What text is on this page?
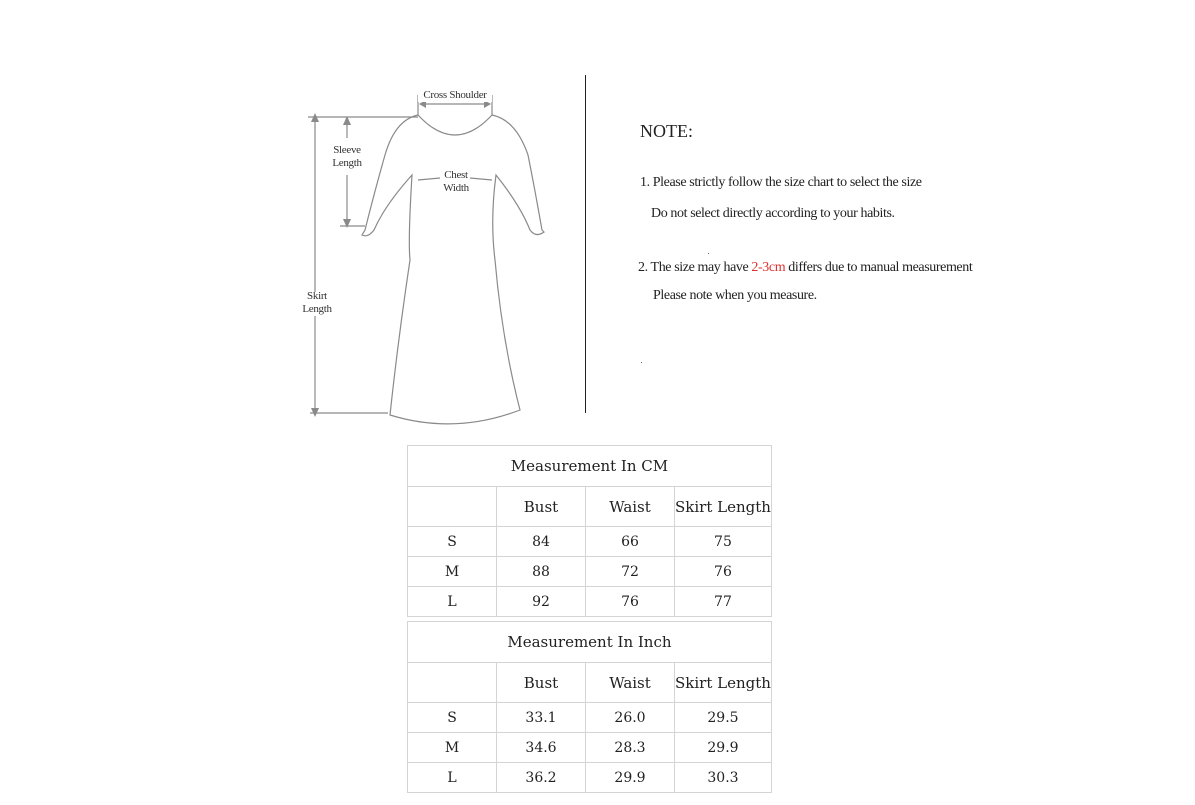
Cross Shoulder
Sleeve
Length
Chest
Width
Skirt
Length
NOTE:
1. Please strictly follow the size chart to select the size
Do not select directly according to your habits.
2. The size may have 2-3cm differs due to manual measurement
Please note when you measure.
Measurement In CM			
	Bust	Waist	Skirt Length
S	84	66	75
M	88	72	76
L	92	76	77
Measurement In Inch			
	Bust	Waist	Skirt Length
S	33.1	26.0	29.5
M	34.6	28.3	29.9
L	36.2	29.9	30.3
